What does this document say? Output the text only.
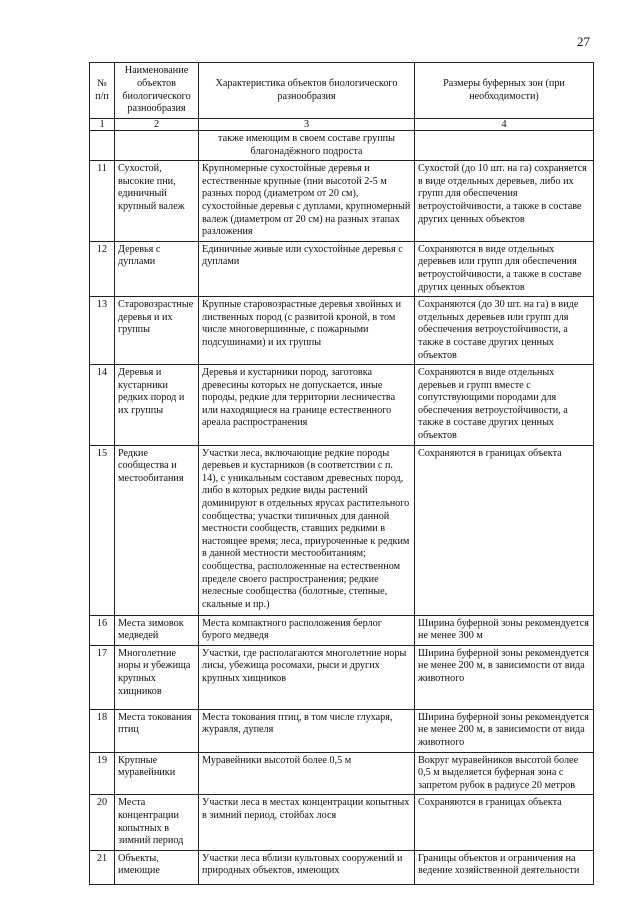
27
№ п/п	Наименование объектов биологического разнообразия	Характеристика объектов биологического разнообразия	Размеры буферных зон (при необходимости)
1	2	3	4
		также имеющим в своем составе группы благонадёжного подроста	
11	Сухостой, высокие пни, единичный крупный валеж	Крупномерные сухостойные деревья и естественные крупные (пни высотой 2-5 м разных пород (диаметром от 20 см), сухостойные деревья с дуплами, крупномерный валеж (диаметром от 20 см) на разных этапах разложения	Сухостой (до 10 шт. на га) сохраняется в виде отдельных деревьев, либо их групп для обеспечения ветроустойчивости, а также в составе других ценных объектов
12	Деревья с дуплами	Единичные живые или сухостойные деревья с дуплами	Сохраняются в виде отдельных деревьев или групп для обеспечения ветроустойчивости, а также в составе других ценных объектов
13	Старовозрастные деревья и их группы	Крупные старовозрастные деревья хвойных и лиственных пород (с развитой кроной, в том числе многовершинные, с пожарными подсушинами) и их группы	Сохраняются (до 30 шт. на га) в виде отдельных деревьев или групп для обеспечения ветроустойчивости, а также в составе других ценных объектов
14	Деревья и кустарники редких пород и их группы	Деревья и кустарники пород, заготовка древесины которых не допускается, иные породы, редкие для территории лесничества или находящиеся на границе естественного ареала распространения	Сохраняются в виде отдельных деревьев и групп вместе с сопутствующими породами для обеспечения ветроустойчивости, а также в составе других ценных объектов
15	Редкие сообщества и местообитания	Участки леса, включающие редкие породы деревьев и кустарников (в соответствии с п. 14), с уникальным составом древесных пород, либо в которых редкие виды растений доминируют в отдельных ярусах растительного сообщества; участки типичных для данной местности сообществ, ставших редкими в настоящее время; леса, приуроченные к редким в данной местности местообитаниям; сообщества, расположенные на естественном пределе своего распространения; редкие нелесные сообщества (болотные, степные, скальные и пр.)	Сохраняются в границах объекта
16	Места зимовок медведей	Места компактного расположения берлог бурого медведя	Ширина буферной зоны рекомендуется не менее 300 м
17	Многолетние норы и убежища крупных хищников	Участки, где располагаются многолетние норы лисы, убежища росомахи, рыси и других крупных хищников	Ширина буферной зоны рекомендуется не менее 200 м, в зависимости от вида животного
18	Места токования птиц	Места токования птиц, в том числе глухаря, журавля, дупеля	Ширина буферной зоны рекомендуется не менее 200 м, в зависимости от вида животного
19	Крупные муравейники	Муравейники высотой более 0,5 м	Вокруг муравейников высотой более 0,5 м выделяется буферная зона с запретом рубок в радиусе 20 метров
20	Места концентрации копытных в зимний период	Участки леса в местах концентрации копытных в зимний период, стойбах лося	Сохраняются в границах объекта
21	Объекты, имеющие	Участки леса вблизи культовых сооружений и природных объектов, имеющих	Границы объектов и ограничения на ведение хозяйственной деятельности
